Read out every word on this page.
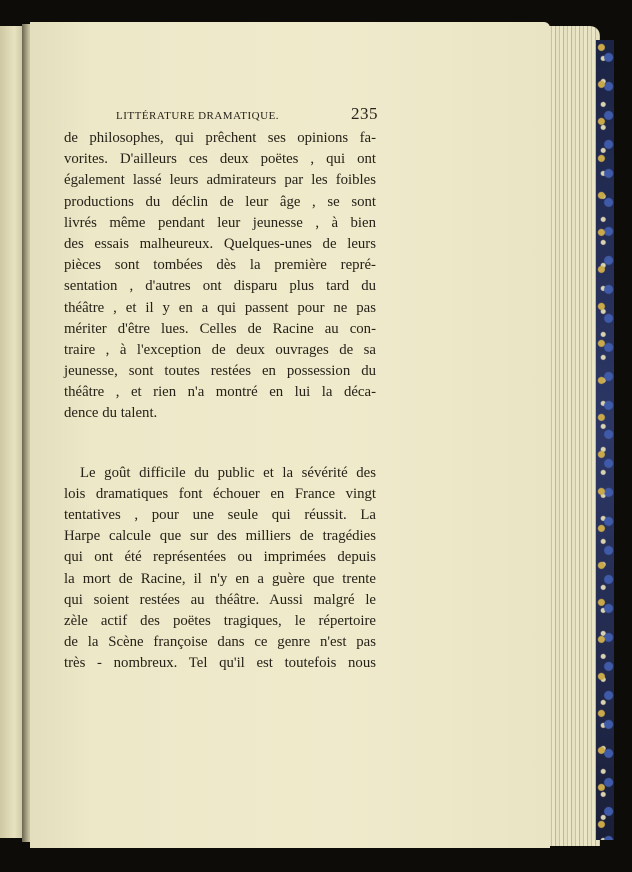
LITTÉRATURE DRAMATIQUE.	235
de philosophes, qui prêchent ses opinions fa-
vorites. D'ailleurs ces deux poëtes , qui ont
également lassé leurs admirateurs par les foibles
productions du déclin de leur âge , se sont
livrés même pendant leur jeunesse , à bien
des essais malheureux. Quelques-unes de leurs
pièces sont tombées dès la première repré-
sentation , d'autres ont disparu plus tard du
théâtre , et il y en a qui passent pour ne pas
mériter d'être lues. Celles de Racine au con-
traire , à l'exception de deux ouvrages de sa
jeunesse, sont toutes restées en possession du
théâtre , et rien n'a montré en lui la déca-
dence du talent.
Le goût difficile du public et la sévérité des
lois dramatiques font échouer en France vingt
tentatives , pour une seule qui réussit. La
Harpe calcule que sur des milliers de tragédies
qui ont été représentées ou imprimées depuis
la mort de Racine, il n'y en a guère que trente
qui soient restées au théâtre. Aussi malgré le
zèle actif des poëtes tragiques, le répertoire
de la Scène françoise dans ce genre n'est pas
très - nombreux. Tel qu'il est toutefois nous
